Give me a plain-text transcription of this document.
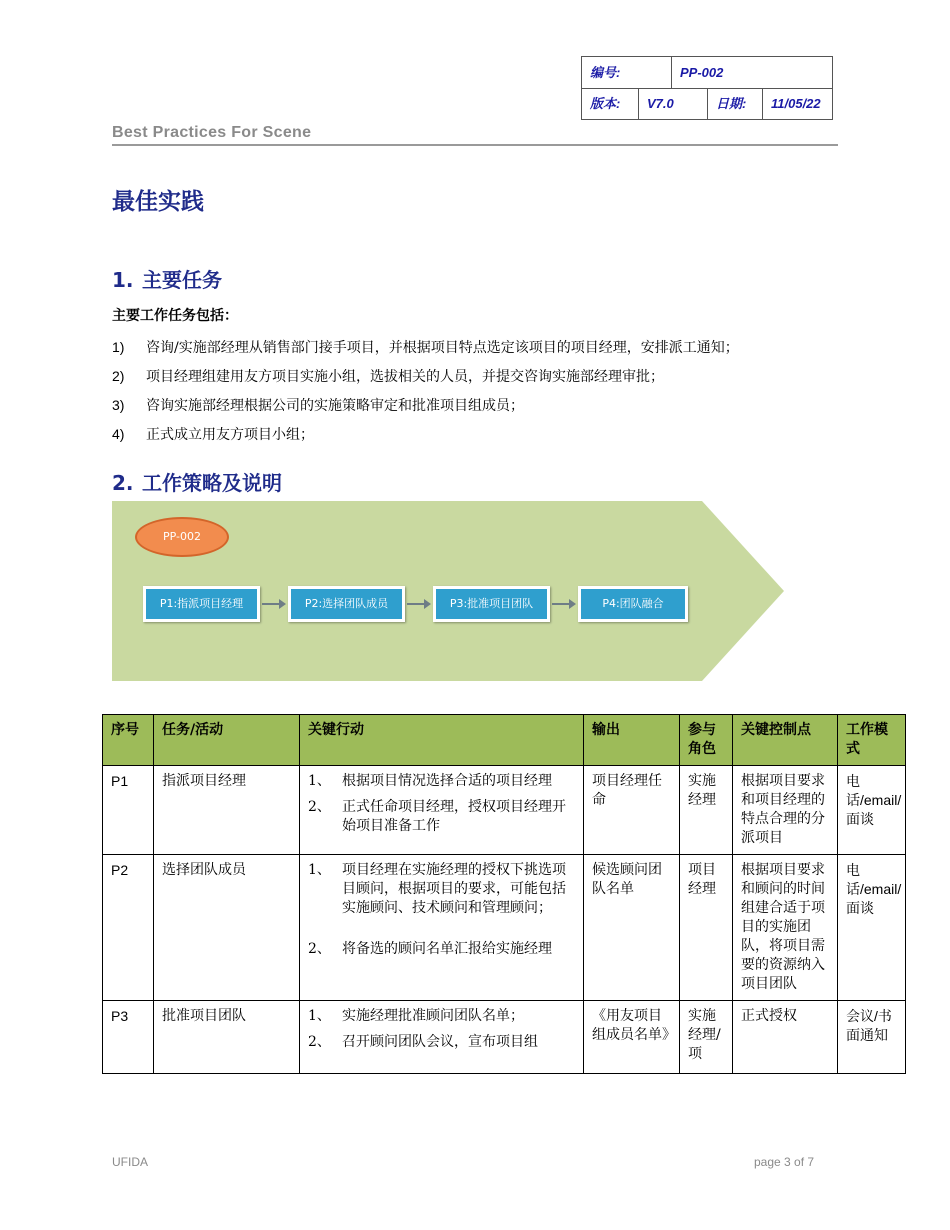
编号:	PP-002
版本:	V7.0	日期:	11/05/22
Best Practices For Scene
最佳实践
1. 主要任务
主要工作任务包括：
1) 咨询/实施部经理从销售部门接手项目，并根据项目特点选定该项目的项目经理，安排派工通知；
2) 项目经理组建用友方项目实施小组，选拔相关的人员，并提交咨询实施部经理审批；
3) 咨询实施部经理根据公司的实施策略审定和批准项目组成员；
4) 正式成立用友方项目小组；
2. 工作策略及说明
PP-002
P1:指派项目经理	P2:选择团队成员	P3:批准项目团队	P4:团队融合
序号	任务/活动	关键行动	输出	参与角色	关键控制点	工作模式
P1	指派项目经理	1、 根据项目情况选择合适的项目经理
2、 正式任命项目经理，授权项目经理开始项目准备工作	项目经理任命	实施经理	根据项目要求和项目经理的特点合理的分派项目	电话/email/面谈
P2	选择团队成员	1、 项目经理在实施经理的授权下挑选项目顾问，根据项目的要求，可能包括实施顾问、技术顾问和管理顾问；
2、 将备选的顾问名单汇报给实施经理	候选顾问团队名单	项目经理	根据项目要求和顾问的时间组建合适于项目的实施团队，将项目需要的资源纳入项目团队	电话/email/面谈
P3	批准项目团队	1、 实施经理批准顾问团队名单；
2、 召开顾问团队会议，宣布项目组	《用友项目组成员名单》	实施经理/项	正式授权	会议/书面通知
UFIDA	page 3 of 7
